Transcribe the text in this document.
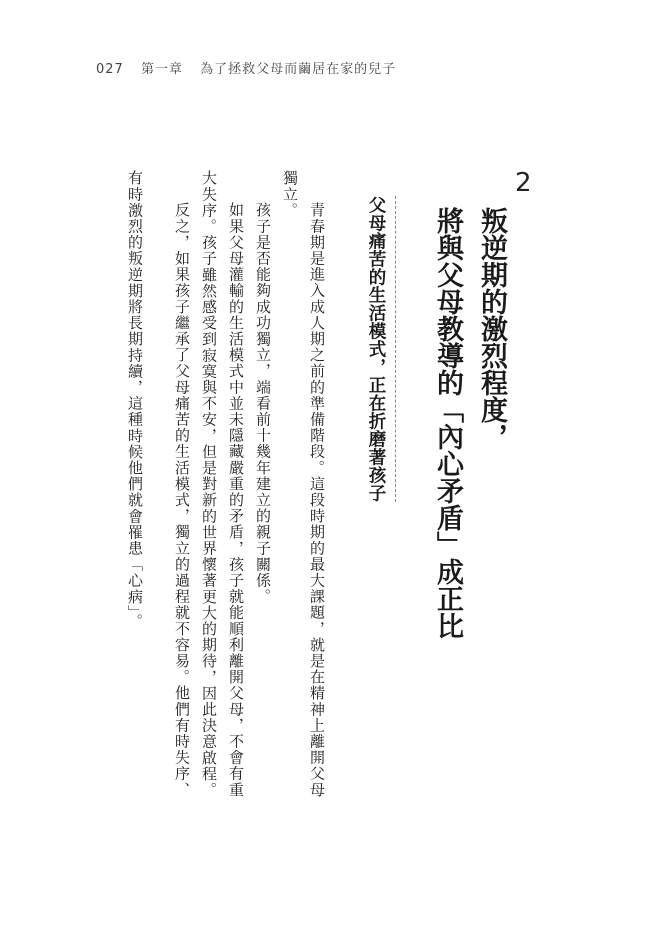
027 第一章 為了拯救父母而繭居在家的兒子
2
叛逆期的激烈程度，
將與父母教導的「內心矛盾」成正比
父母痛苦的生活模式，正在折磨著孩子
青春期是進入成人期之前的準備階段。這段時期的最大課題，就是在精神上離開父母
獨立。
孩子是否能夠成功獨立，端看前十幾年建立的親子關係。
如果父母灌輸的生活模式中並未隱藏嚴重的矛盾，孩子就能順利離開父母，不會有重
大失序。孩子雖然感受到寂寞與不安，但是對新的世界懷著更大的期待，因此決意啟程。
反之，如果孩子繼承了父母痛苦的生活模式，獨立的過程就不容易。他們有時失序、
有時激烈的叛逆期將長期持續，這種時候他們就會罹患「心病」。
